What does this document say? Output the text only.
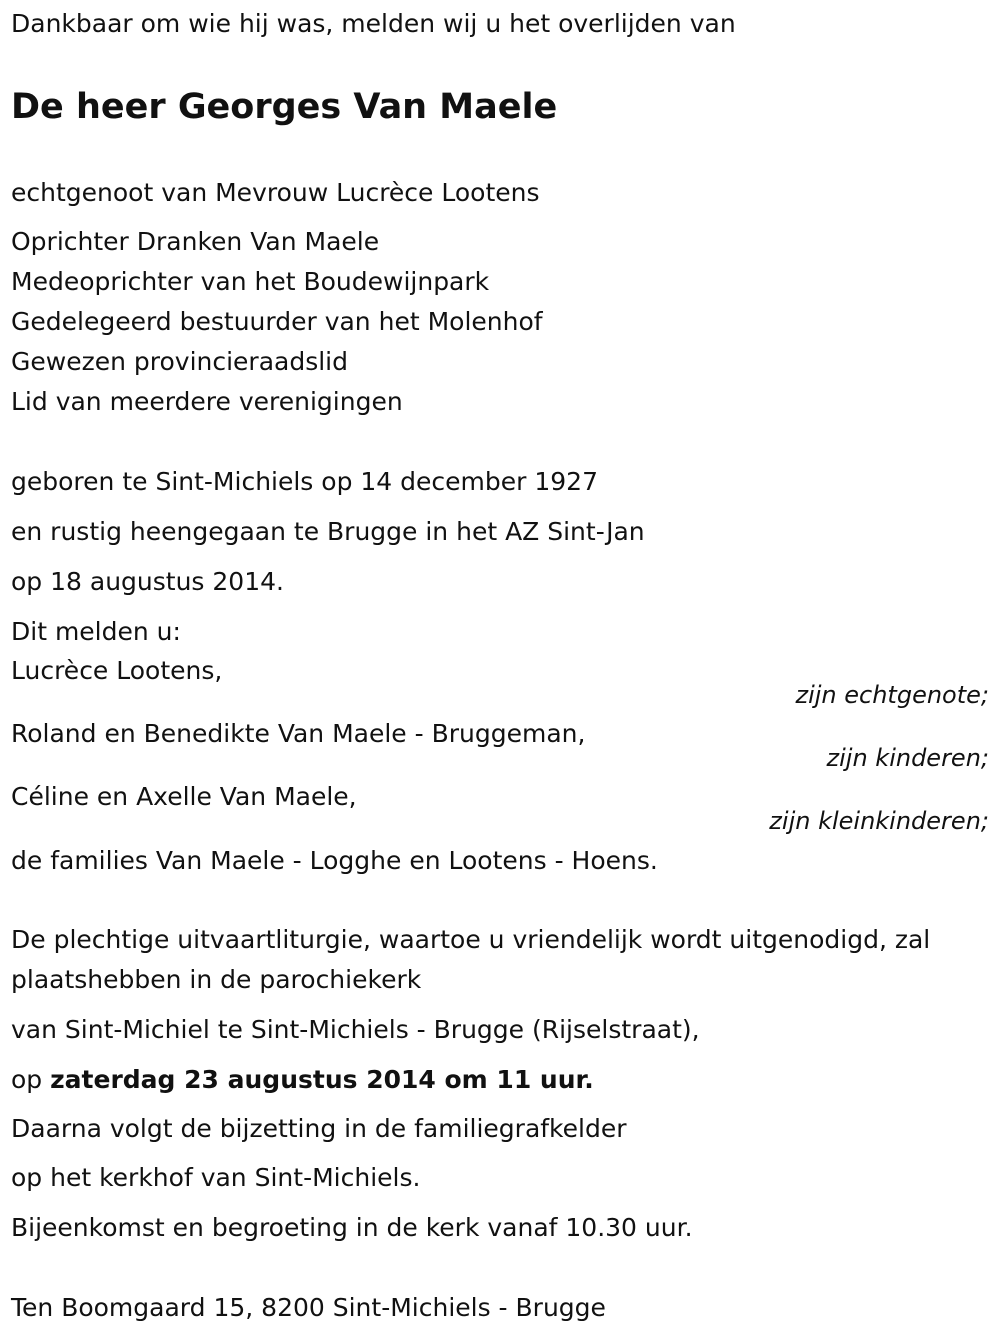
Dankbaar om wie hij was, melden wij u het overlijden van
De heer Georges Van Maele
echtgenoot van Mevrouw Lucrèce Lootens
Oprichter Dranken Van Maele
Medeoprichter van het Boudewijnpark
Gedelegeerd bestuurder van het Molenhof
Gewezen provincieraadslid
Lid van meerdere verenigingen
geboren te Sint-Michiels op 14 december 1927
en rustig heengegaan te Brugge in het AZ Sint-Jan
op 18 augustus 2014.
Dit melden u:
Lucrèce Lootens,
zijn echtgenote;
Roland en Benedikte Van Maele - Bruggeman,
zijn kinderen;
Céline en Axelle Van Maele,
zijn kleinkinderen;
de families Van Maele - Logghe en Lootens - Hoens.
De plechtige uitvaartliturgie, waartoe u vriendelijk wordt uitgenodigd, zal plaatshebben in de parochiekerk
van Sint-Michiel te Sint-Michiels - Brugge (Rijselstraat),
op zaterdag 23 augustus 2014 om 11 uur.
Daarna volgt de bijzetting in de familiegrafkelder
op het kerkhof van Sint-Michiels.
Bijeenkomst en begroeting in de kerk vanaf 10.30 uur.
Ten Boomgaard 15, 8200 Sint-Michiels - Brugge
